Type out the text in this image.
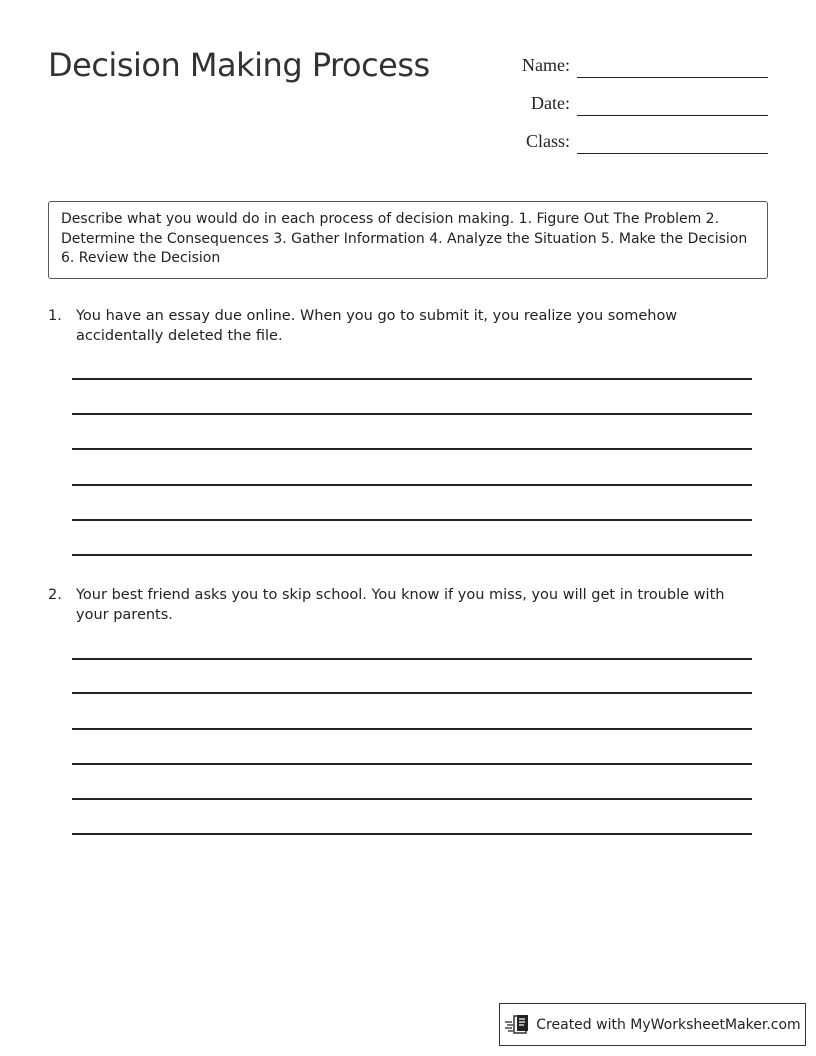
Decision Making Process	Name:
Date:
Class:
Describe what you would do in each process of decision making. 1. Figure Out The Problem 2. Determine the Consequences 3. Gather Information 4. Analyze the Situation 5. Make the Decision 6. Review the Decision
1. You have an essay due online. When you go to submit it, you realize you somehow accidentally deleted the file.
2. Your best friend asks you to skip school. You know if you miss, you will get in trouble with your parents.
Created with MyWorksheetMaker.com
